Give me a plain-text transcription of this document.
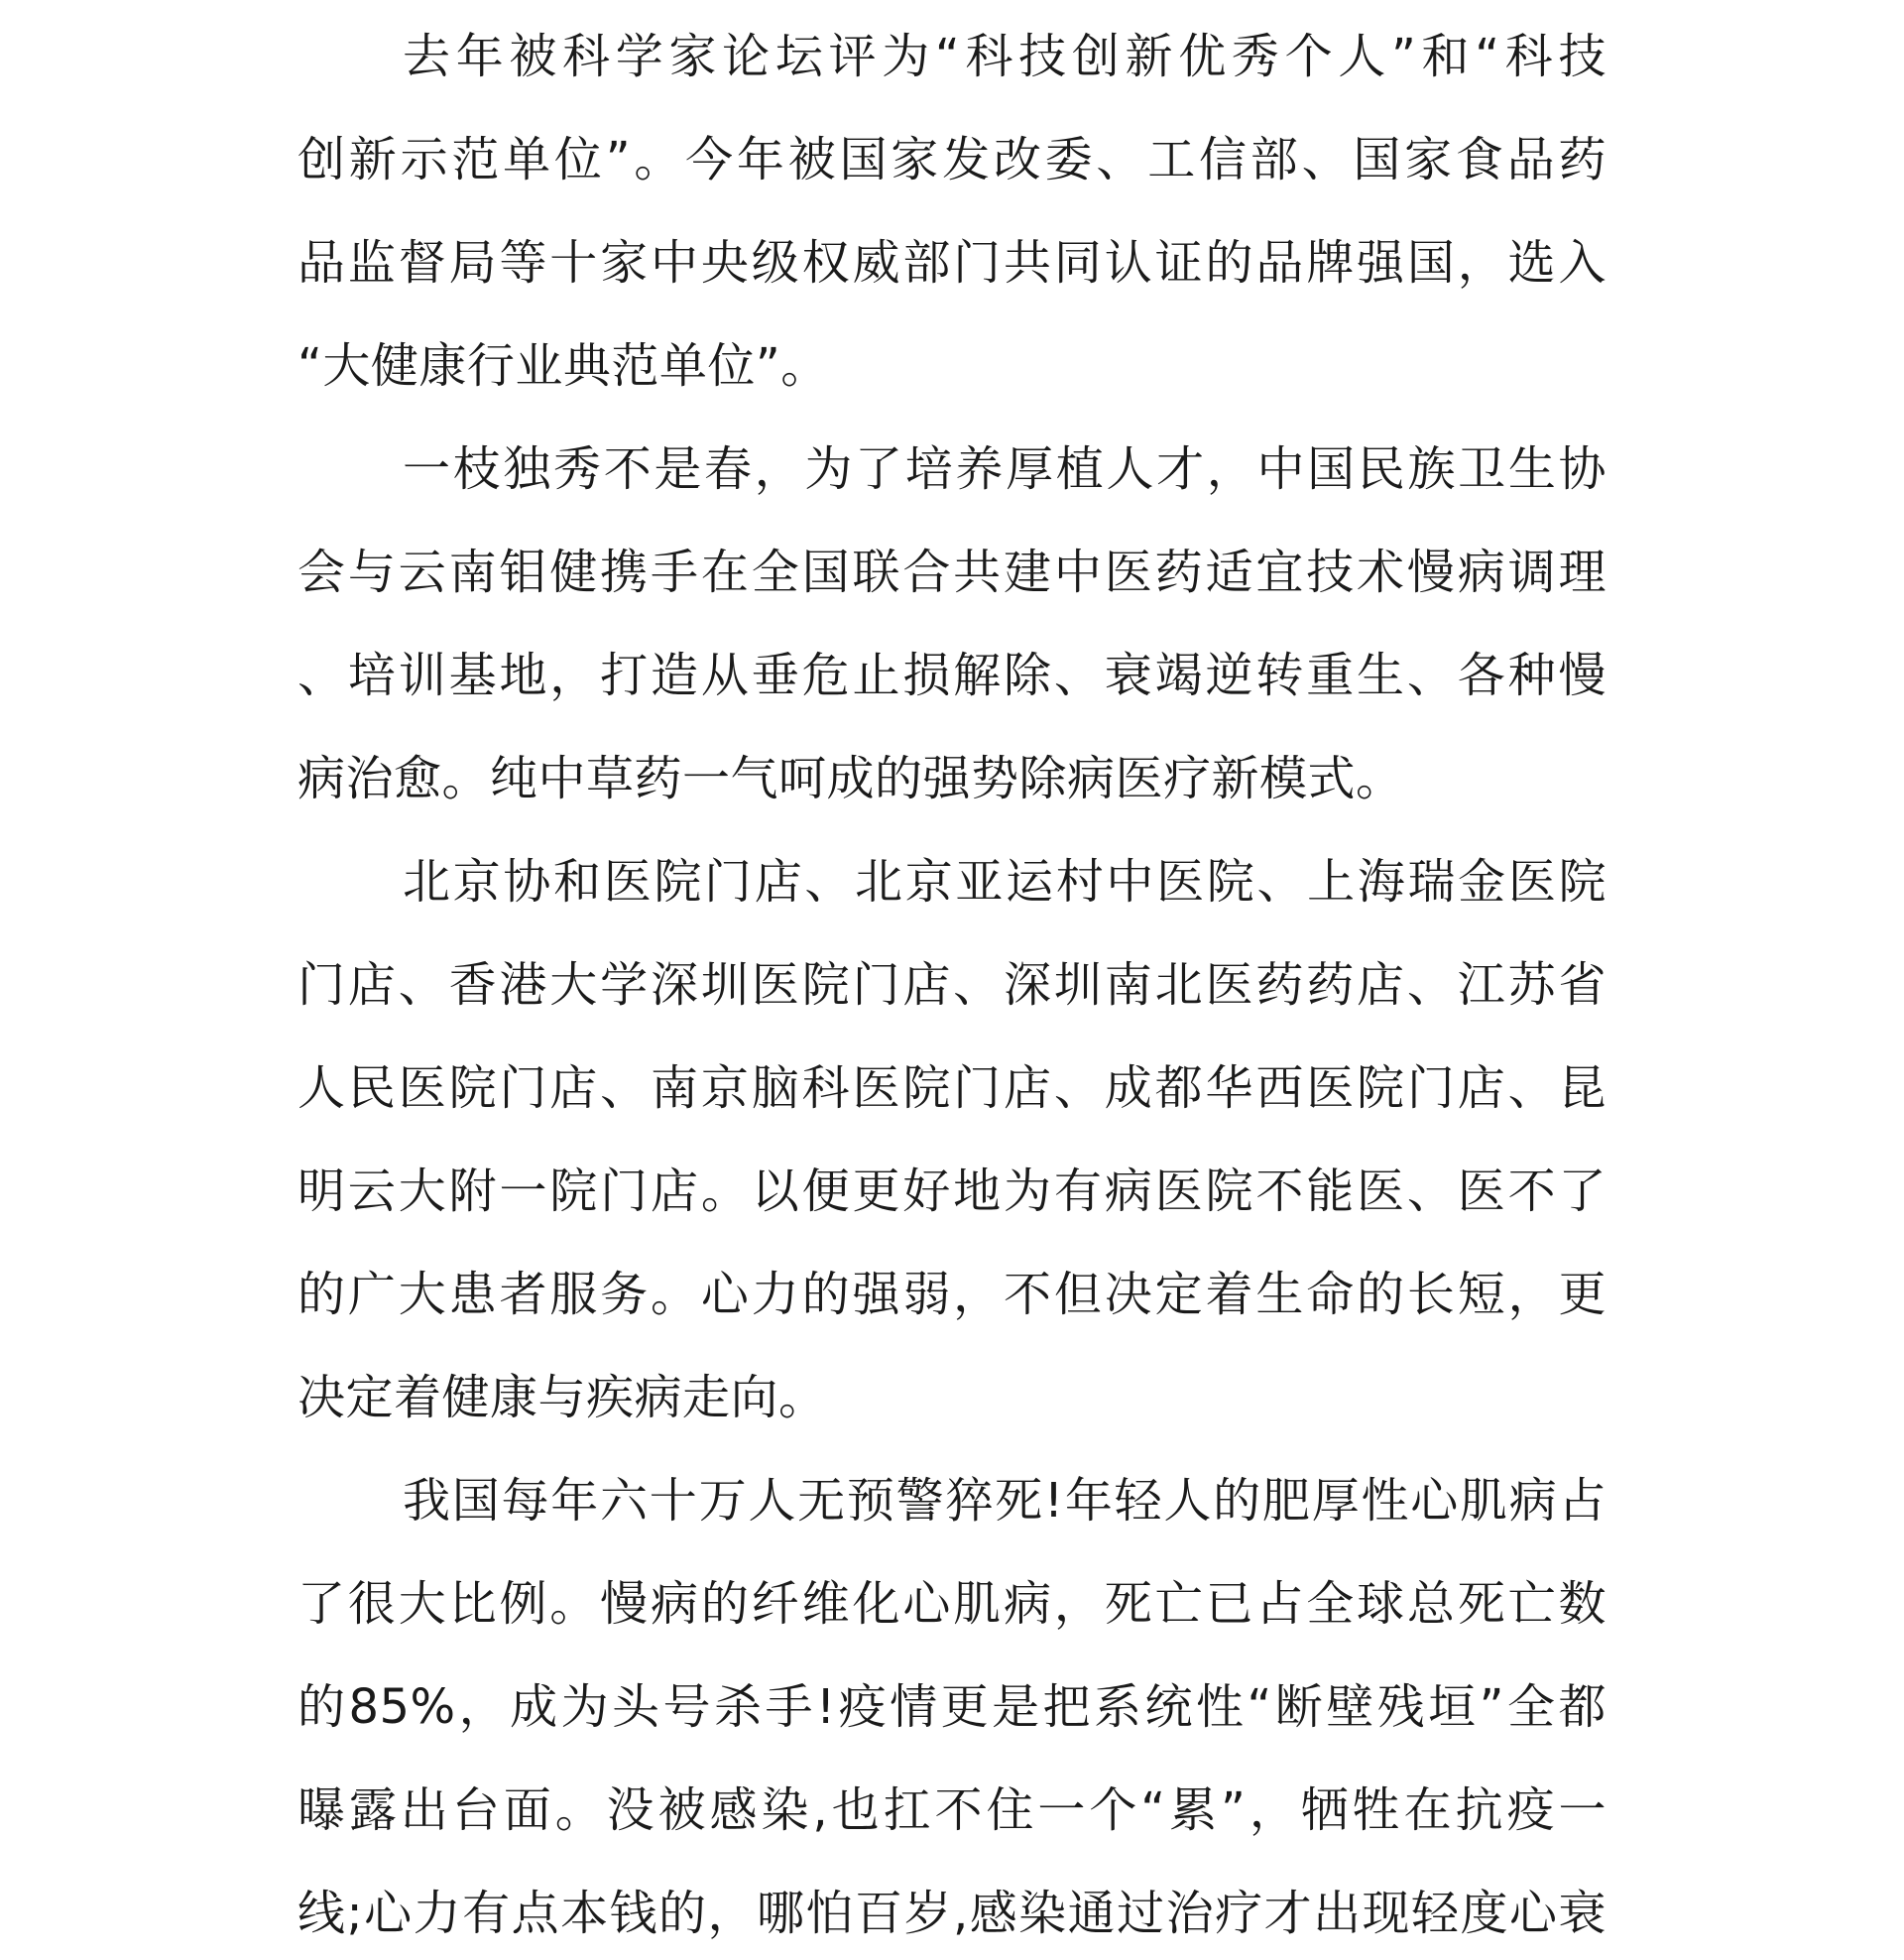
去年被科学家论坛评为“科技创新优秀个人”和“科技
创新示范单位”。今年被国家发改委、工信部、国家食品药
品监督局等十家中央级权威部门共同认证的品牌强国，选入
“大健康行业典范单位”。
一枝独秀不是春，为了培养厚植人才，中国民族卫生协
会与云南钼健携手在全国联合共建中医药适宜技术慢病调理
、培训基地，打造从垂危止损解除、衰竭逆转重生、各种慢
病治愈。纯中草药一气呵成的强势除病医疗新模式。
北京协和医院门店、北京亚运村中医院、上海瑞金医院
门店、香港大学深圳医院门店、深圳南北医药药店、江苏省
人民医院门店、南京脑科医院门店、成都华西医院门店、昆
明云大附一院门店。以便更好地为有病医院不能医、医不了
的广大患者服务。心力的强弱，不但决定着生命的长短，更
决定着健康与疾病走向。
我国每年六十万人无预警猝死!年轻人的肥厚性心肌病占
了很大比例。慢病的纤维化心肌病，死亡已占全球总死亡数
的85%，成为头号杀手!疫情更是把系统性“断壁残垣”全都
曝露出台面。没被感染,也扛不住一个“累”，牺牲在抗疫一
线;心力有点本钱的，哪怕百岁,感染通过治疗才出现轻度心衰
